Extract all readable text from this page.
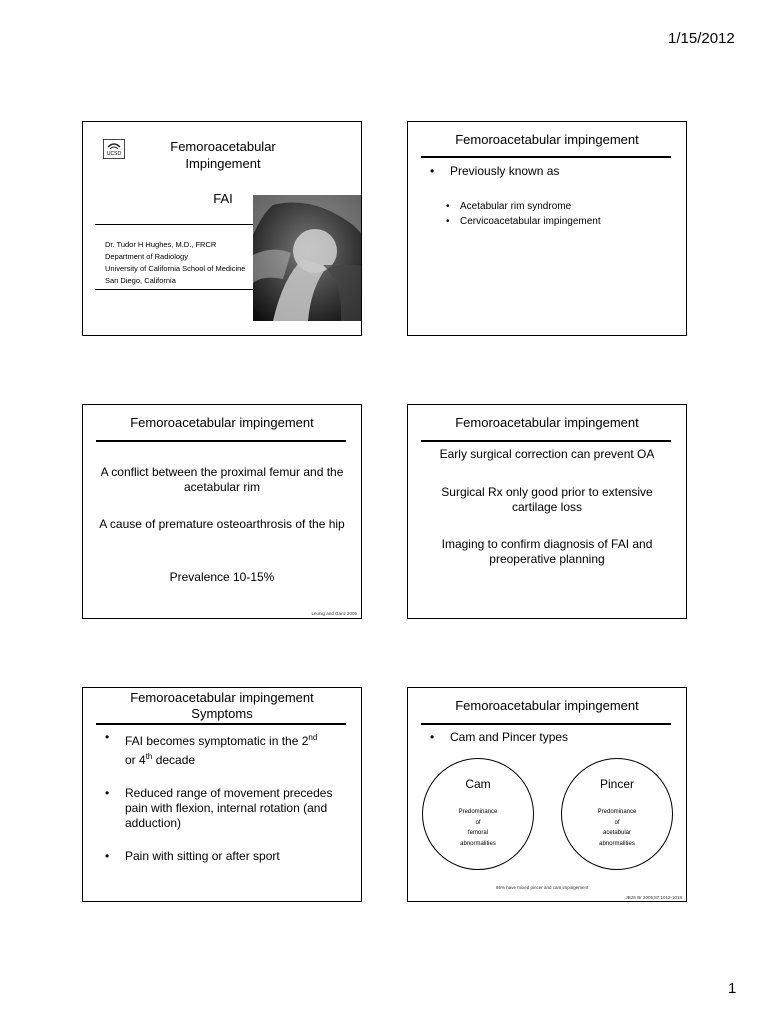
1/15/2012
UCSD	Femoroacetabular
Impingement
FAI
Dr. Tudor H Hughes, M.D., FRCR
Department of Radiology
University of California School of Medicine
San Diego, California
Femoroacetabular impingement
• Previously known as
• Acetabular rim syndrome
• Cervicoacetabular impingement
Femoroacetabular impingement
A conflict between the proximal femur and the acetabular rim
A cause of premature osteoarthrosis of the hip
Prevalence 10-15%
Leunig and Ganz 2005
Femoroacetabular impingement
Early surgical correction can prevent OA
Surgical Rx only good prior to extensive cartilage loss
Imaging to confirm diagnosis of FAI and preoperative planning
Femoroacetabular impingement
Symptoms
• FAI becomes symptomatic in the 2nd
or 4th decade
• Reduced range of movement precedes pain with flexion, internal rotation (and adduction)
• Pain with sitting or after sport
Femoroacetabular impingement
• Cam and Pincer types
Cam
Predominance
of
femoral
abnormalities
Pincer
Predominance
of
acetabular
abnormalities
86% have mixed pincer and cam impingement
JBJS Br 2005;87:1012-1018
1
